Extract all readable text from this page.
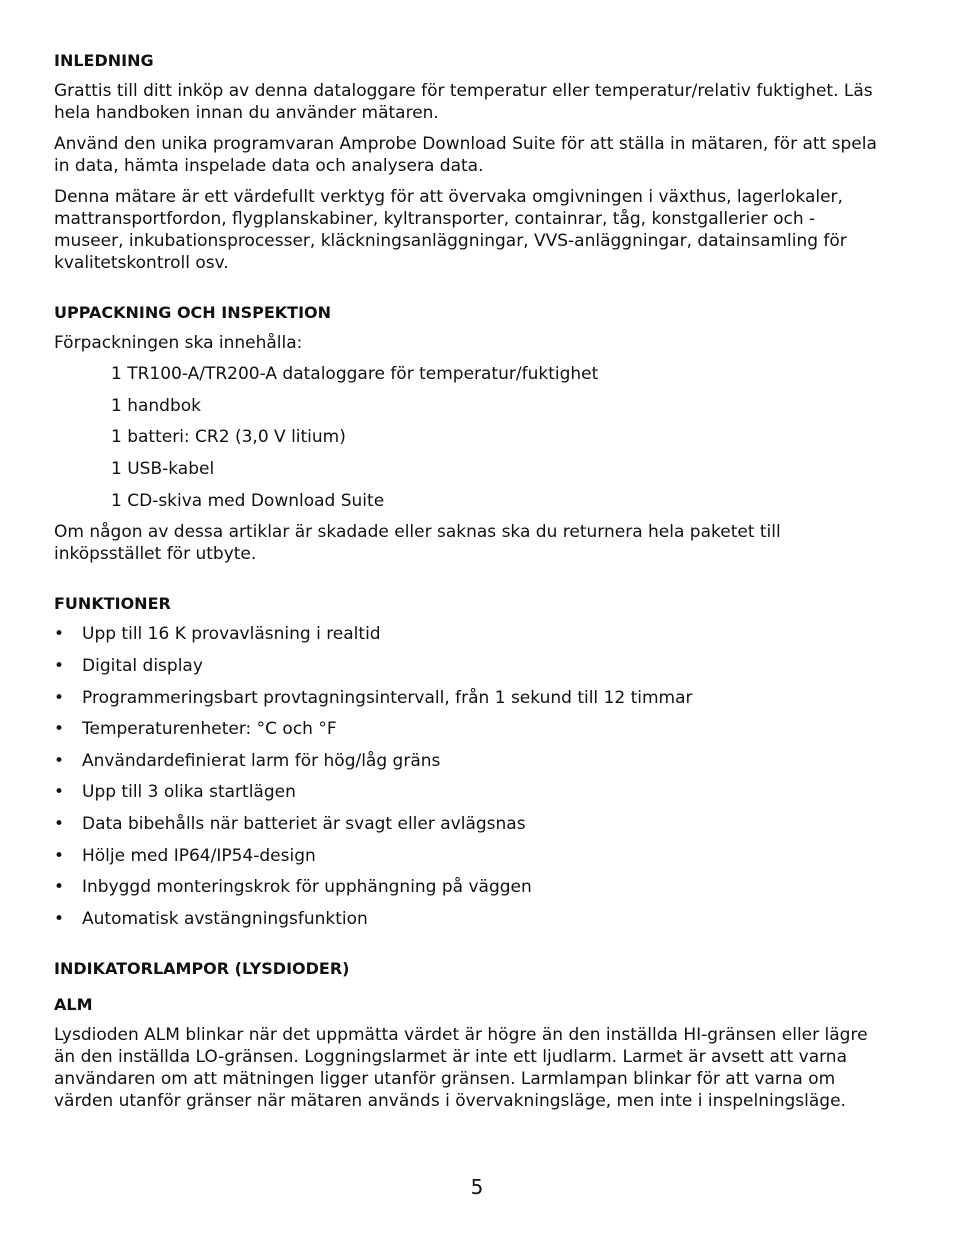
INLEDNING

Grattis till ditt inköp av denna dataloggare för temperatur eller temperatur/relativ fuktighet. Läs hela handboken innan du använder mätaren.

Använd den unika programvaran Amprobe Download Suite för att ställa in mätaren, för att spela in data, hämta inspelade data och analysera data.

Denna mätare är ett värdefullt verktyg för att övervaka omgivningen i växthus, lagerlokaler, mattransportfordon, flygplanskabiner, kyltransporter, containrar, tåg, konstgallerier och -museer, inkubationsprocesser, kläckningsanläggningar, VVS-anläggningar, datainsamling för kvalitetskontroll osv.

UPPACKNING OCH INSPEKTION

Förpackningen ska innehålla:

1 TR100-A/TR200-A dataloggare för temperatur/fuktighet
1 handbok
1 batteri: CR2 (3,0 V litium)
1 USB-kabel
1 CD-skiva med Download Suite

Om någon av dessa artiklar är skadade eller saknas ska du returnera hela paketet till inköpsstället för utbyte.

FUNKTIONER
• Upp till 16 K provavläsning i realtid
• Digital display
• Programmeringsbart provtagningsintervall, från 1 sekund till 12 timmar
• Temperaturenheter: °C och °F
• Användardefinierat larm för hög/låg gräns
• Upp till 3 olika startlägen
• Data bibehålls när batteriet är svagt eller avlägsnas
• Hölje med IP64/IP54-design
• Inbyggd monteringskrok för upphängning på väggen
• Automatisk avstängningsfunktion
INDIKATORLAMPOR (LYSDIODER)
ALM

Lysdioden ALM blinkar när det uppmätta värdet är högre än den inställda HI-gränsen eller lägre än den inställda LO-gränsen. Loggningslarmet är inte ett ljudlarm. Larmet är avsett att varna användaren om att mätningen ligger utanför gränsen. Larmlampan blinkar för att varna om värden utanför gränser när mätaren används i övervakningsläge, men inte i inspelningsläge.

5
